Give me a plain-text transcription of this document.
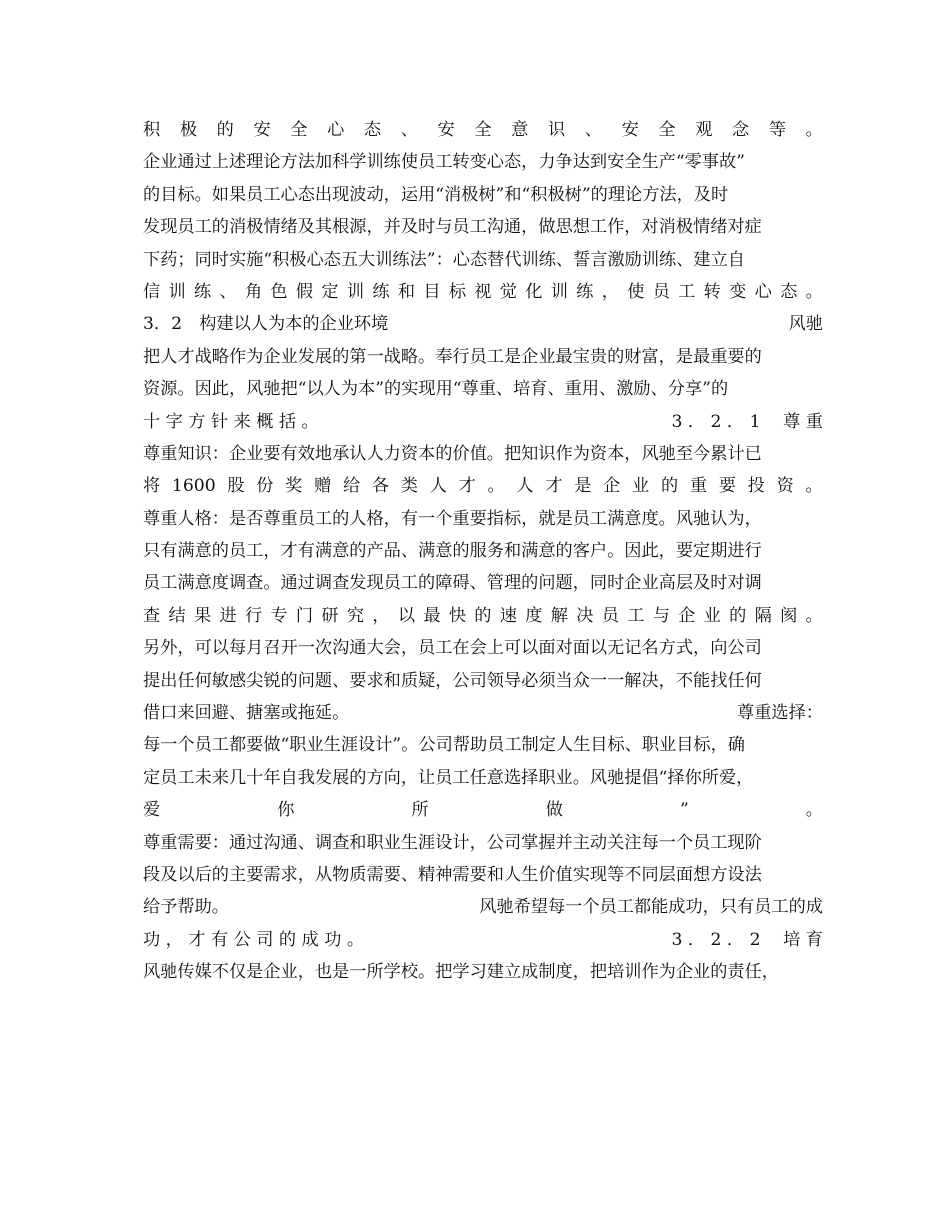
积 极 的 安 全 心 态 、 安 全 意 识 、 安 全 观 念 等 。
企业通过上述理论方法加科学训练使员工转变心态，力争达到安全生产“零事故”
的目标。如果员工心态出现波动，运用“消极树”和“积极树”的理论方法，及时
发现员工的消极情绪及其根源，并及时与员工沟通，做思想工作，对消极情绪对症
下药；同时实施“积极心态五大训练法”：心态替代训练、誓言激励训练、建立自
信 训 练 、 角 色 假 定 训 练 和 目 标 视 觉 化 训 练 ， 使 员 工 转 变 心 态 。
3．2　构建以人为本的企业环境	风驰
把人才战略作为企业发展的第一战略。奉行员工是企业最宝贵的财富，是最重要的
资源。因此，风驰把“以人为本”的实现用“尊重、培育、重用、激励、分享”的
十 字 方 针 来 概 括 。	3 ． 2 ． 1　 尊 重
尊重知识：企业要有效地承认人力资本的价值。把知识作为资本，风驰至今累计已
将 1600 股 份 奖 赠 给 各 类 人 才 。 人 才 是 企 业 的 重 要 投 资 。
尊重人格：是否尊重员工的人格，有一个重要指标，就是员工满意度。风驰认为，
只有满意的员工，才有满意的产品、满意的服务和满意的客户。因此，要定期进行
员工满意度调查。通过调查发现员工的障碍、管理的问题，同时企业高层及时对调
查 结 果 进 行 专 门 研 究 ， 以 最 快 的 速 度 解 决 员 工 与 企 业 的 隔 阂 。
另外，可以每月召开一次沟通大会，员工在会上可以面对面以无记名方式，向公司
提出任何敏感尖锐的问题、要求和质疑，公司领导必须当众一一解决，不能找任何
借口来回避、搪塞或拖延。	尊重选择：
每一个员工都要做“职业生涯设计”。公司帮助员工制定人生目标、职业目标，确
定员工未来几十年自我发展的方向，让员工任意选择职业。风驰提倡“择你所爱，
爱	你	所	做	”	。
尊重需要：通过沟通、调查和职业生涯设计，公司掌握并主动关注每一个员工现阶
段及以后的主要需求，从物质需要、精神需要和人生价值实现等不同层面想方设法
给予帮助。	风驰希望每一个员工都能成功，只有员工的成
功 ， 才 有 公 司 的 成 功 。	3 ． 2 ． 2　 培 育
风驰传媒不仅是企业，也是一所学校。把学习建立成制度，把培训作为企业的责任，
